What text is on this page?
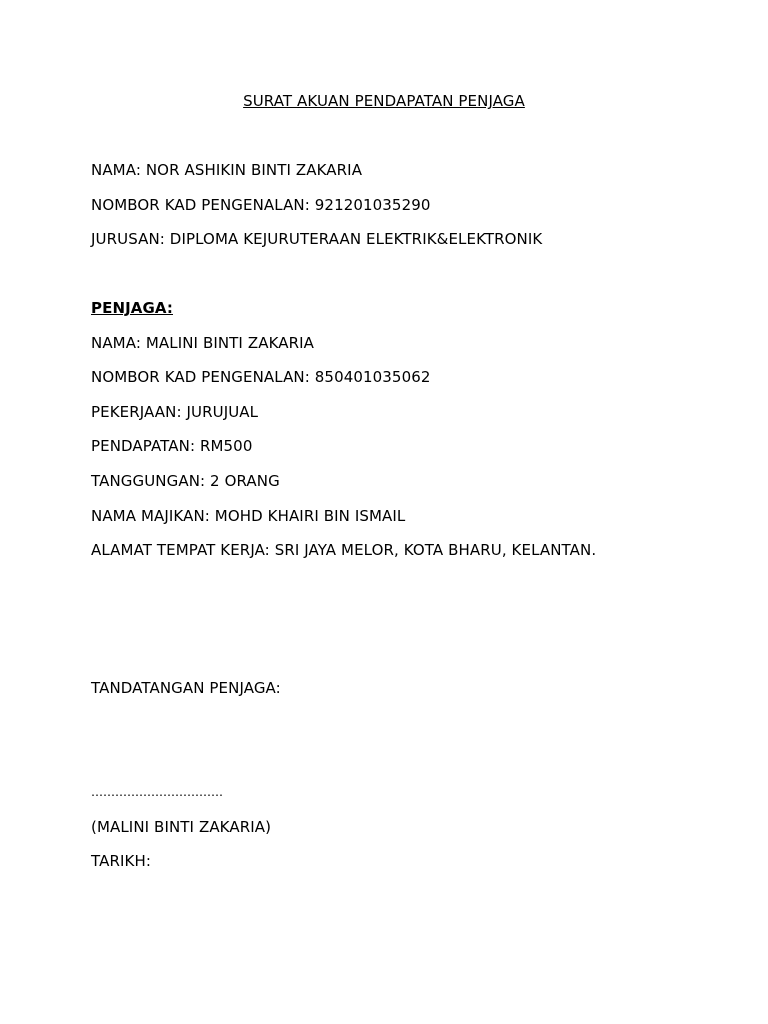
SURAT AKUAN PENDAPATAN PENJAGA
NAMA: NOR ASHIKIN BINTI ZAKARIA
NOMBOR KAD PENGENALAN: 921201035290
JURUSAN: DIPLOMA KEJURUTERAAN ELEKTRIK&ELEKTRONIK
PENJAGA:
NAMA: MALINI BINTI ZAKARIA
NOMBOR KAD PENGENALAN: 850401035062
PEKERJAAN: JURUJUAL
PENDAPATAN: RM500
TANGGUNGAN: 2 ORANG
NAMA MAJIKAN: MOHD KHAIRI BIN ISMAIL
ALAMAT TEMPAT KERJA: SRI JAYA MELOR, KOTA BHARU, KELANTAN.
TANDATANGAN PENJAGA:
……………………………
(MALINI BINTI ZAKARIA)
TARIKH:
